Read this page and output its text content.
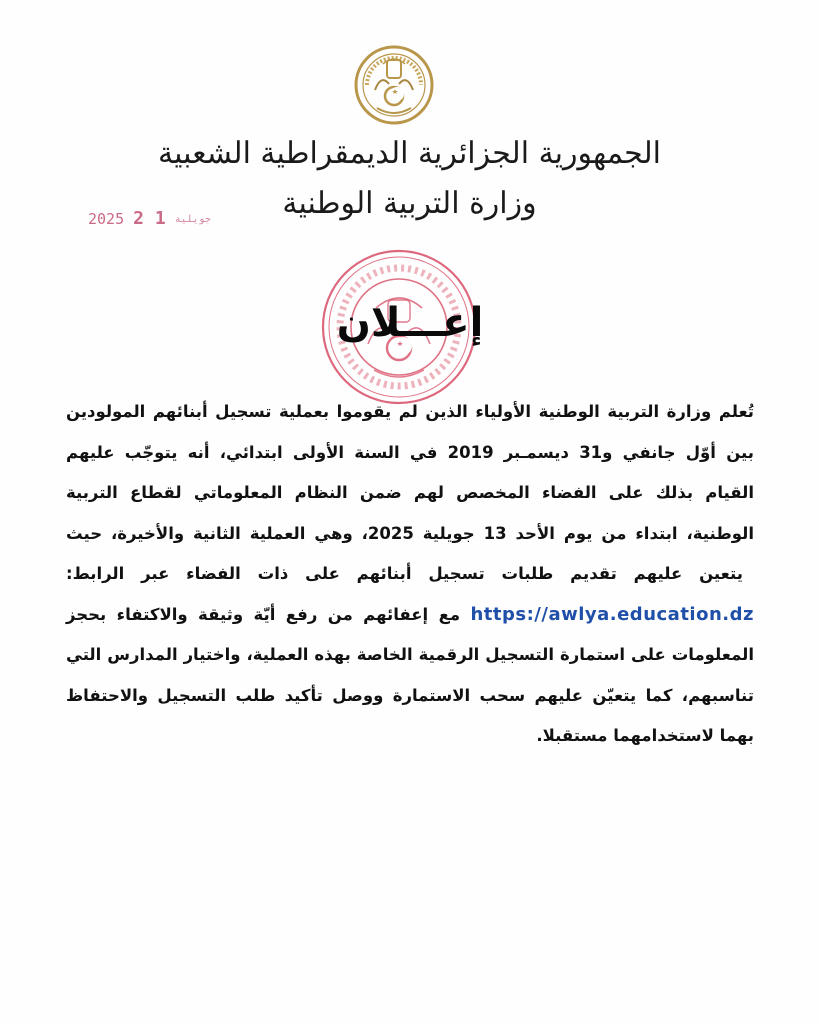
الجمهورية الجزائرية الديمقراطية الشعبية
وزارة التربية الوطنية
2025	جويلية 1 2
إعـــلان
تُعلم وزارة التربية الوطنية الأولياء الذين لم يقوموا بعملية تسجيل أبنائهم المولودين بين أوّل جانفي و31 ديسمـبر 2019 في السنة الأولى ابتدائي، أنه يتوجّب عليهم القيام بذلك على الفضاء المخصص لهم ضمن النظام المعلوماتي لقطاع التربية الوطنية، ابتداء من يوم الأحد 13 جويلية 2025، وهي العملية الثانية والأخيرة، حيث يتعين عليهم تقديم طلبات تسجيل أبنائهم على ذات الفضاء عبر الرابط: https://awlya.education.dz مع إعفائهم من رفع أيّة وثيقة والاكتفاء بحجز المعلومات على استمارة التسجيل الرقمية الخاصة بهذه العملية، واختيار المدارس التي تناسبهم، كما يتعيّن عليهم سحب الاستمارة ووصل تأكيد طلب التسجيل والاحتفاظ بهما لاستخدامهما مستقبلا.
